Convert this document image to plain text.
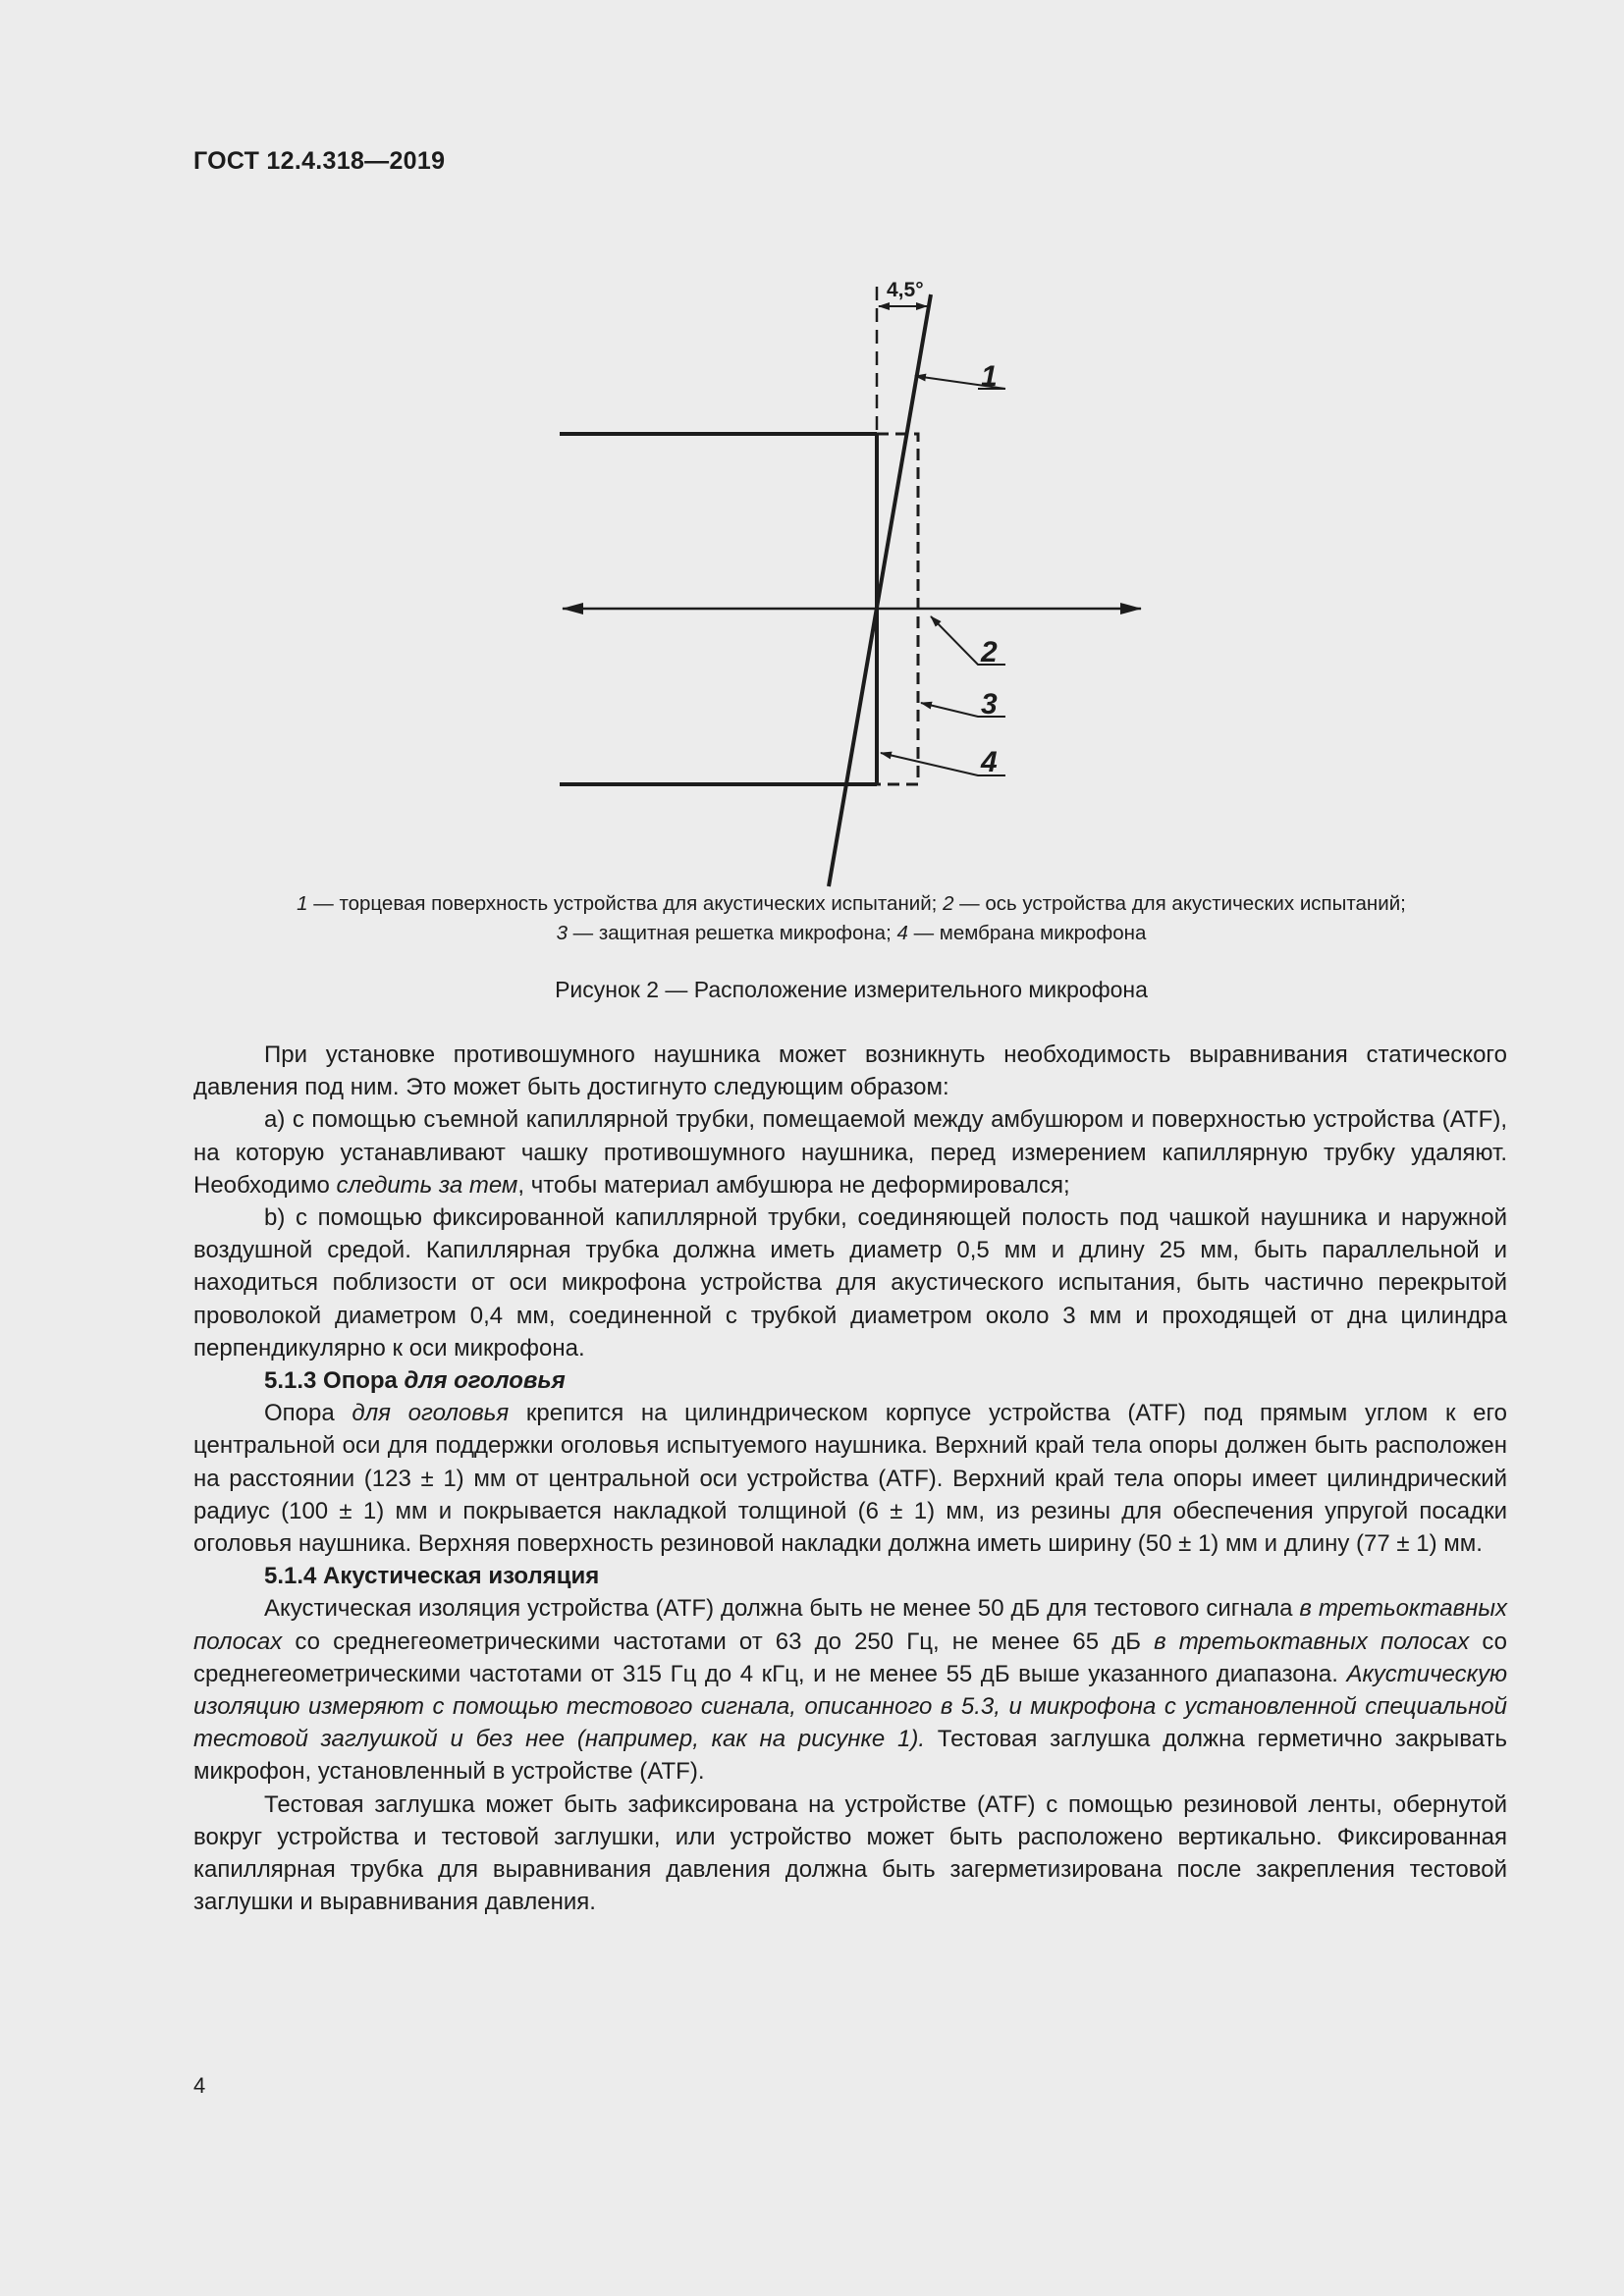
ГОСТ 12.4.318—2019
4,5°
1
2
3
4
1 — торцевая поверхность устройства для акустических испытаний; 2 — ось устройства для акустических испытаний;
3 — защитная решетка микрофона; 4 — мембрана микрофона
Рисунок 2 — Расположение измерительного микрофона

При установке противошумного наушника может возникнуть необходимость выравнивания статического давления под ним. Это может быть достигнуто следующим образом:

а) с помощью съемной капиллярной трубки, помещаемой между амбушюром и поверхностью устройства (ATF), на которую устанавливают чашку противошумного наушника, перед измерением капиллярную трубку удаляют. Необходимо следить за тем, чтобы материал амбушюра не деформировался;

b) с помощью фиксированной капиллярной трубки, соединяющей полость под чашкой наушника и наружной воздушной средой. Капиллярная трубка должна иметь диаметр 0,5 мм и длину 25 мм, быть параллельной и находиться поблизости от оси микрофона устройства для акустического испытания, быть частично перекрытой проволокой диаметром 0,4 мм, соединенной с трубкой диаметром около 3 мм и проходящей от дна цилиндра перпендикулярно к оси микрофона.

5.1.3 Опора для оголовья

Опора для оголовья крепится на цилиндрическом корпусе устройства (ATF) под прямым углом к его центральной оси для поддержки оголовья испытуемого наушника. Верхний край тела опоры должен быть расположен на расстоянии (123 ± 1) мм от центральной оси устройства (ATF). Верхний край тела опоры имеет цилиндрический радиус (100 ± 1) мм и покрывается накладкой толщиной (6 ± 1) мм, из резины для обеспечения упругой посадки оголовья наушника. Верхняя поверхность резиновой накладки должна иметь ширину (50 ± 1) мм и длину (77 ± 1) мм.

5.1.4 Акустическая изоляция

Акустическая изоляция устройства (ATF) должна быть не менее 50 дБ для тестового сигнала в третьоктавных полосах со среднегеометрическими частотами от 63 до 250 Гц, не менее 65 дБ в третьоктавных полосах со среднегеометрическими частотами от 315 Гц до 4 кГц, и не менее 55 дБ выше указанного диапазона. Акустическую изоляцию измеряют с помощью тестового сигнала, описанного в 5.3, и микрофона с установленной специальной тестовой заглушкой и без нее (например, как на рисунке 1). Тестовая заглушка должна герметично закрывать микрофон, установленный в устройстве (ATF).

Тестовая заглушка может быть зафиксирована на устройстве (ATF) с помощью резиновой ленты, обернутой вокруг устройства и тестовой заглушки, или устройство может быть расположено вертикально. Фиксированная капиллярная трубка для выравнивания давления должна быть загерметизирована после закрепления тестовой заглушки и выравнивания давления.

4
